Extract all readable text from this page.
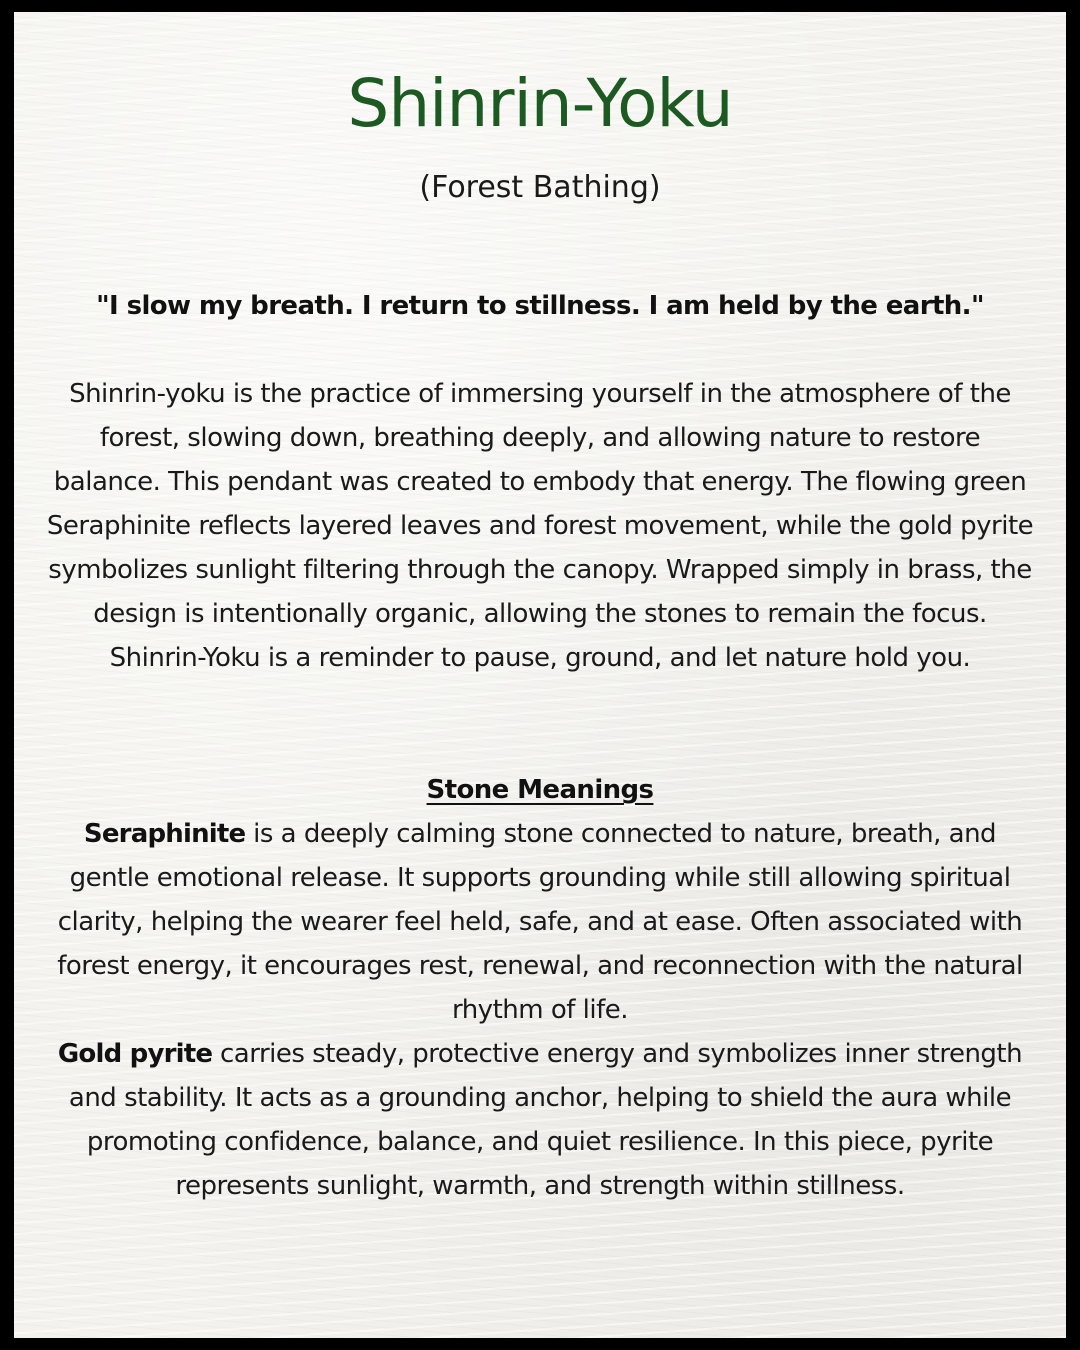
Shinrin-Yoku
(Forest Bathing)

"I slow my breath. I return to stillness. I am held by the earth."

Shinrin-yoku is the practice of immersing yourself in the atmosphere of the forest, slowing down, breathing deeply, and allowing nature to restore balance. This pendant was created to embody that energy. The flowing green Seraphinite reflects layered leaves and forest movement, while the gold pyrite symbolizes sunlight filtering through the canopy. Wrapped simply in brass, the design is intentionally organic, allowing the stones to remain the focus. Shinrin-Yoku is a reminder to pause, ground, and let nature hold you.

Stone Meanings

Seraphinite is a deeply calming stone connected to nature, breath, and gentle emotional release. It supports grounding while still allowing spiritual clarity, helping the wearer feel held, safe, and at ease. Often associated with forest energy, it encourages rest, renewal, and reconnection with the natural rhythm of life.

Gold pyrite carries steady, protective energy and symbolizes inner strength and stability. It acts as a grounding anchor, helping to shield the aura while promoting confidence, balance, and quiet resilience. In this piece, pyrite represents sunlight, warmth, and strength within stillness.
